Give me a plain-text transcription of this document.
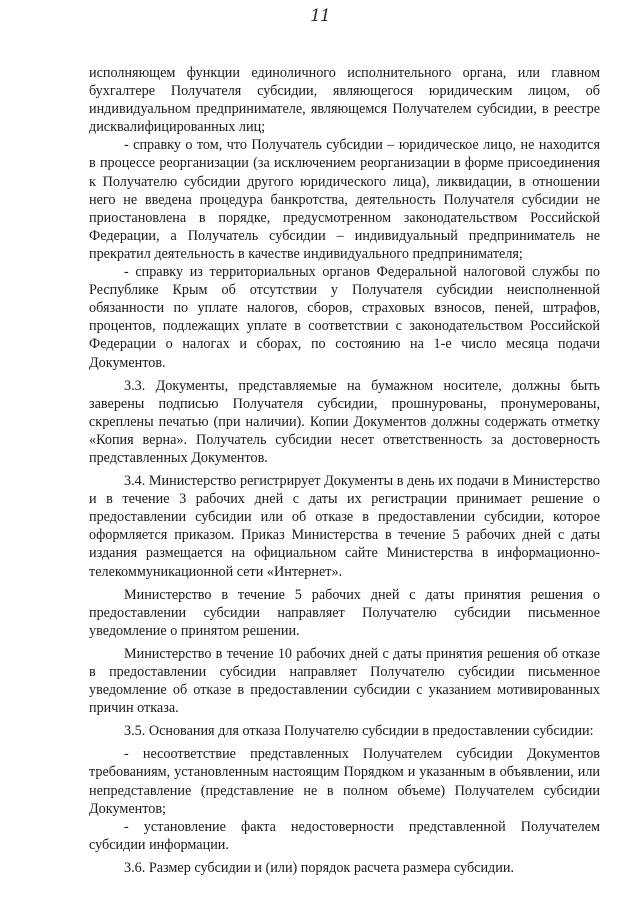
11

исполняющем функции единоличного исполнительного органа, или главном бухгалтере Получателя субсидии, являющегося юридическим лицом, об индивидуальном предпринимателе, являющемся Получателем субсидии, в реестре дисквалифицированных лиц;

- справку о том, что Получатель субсидии – юридическое лицо, не находится в процессе реорганизации (за исключением реорганизации в форме присоединения к Получателю субсидии другого юридического лица), ликвидации, в отношении него не введена процедура банкротства, деятельность Получателя субсидии не приостановлена в порядке, предусмотренном законодательством Российской Федерации, а Получатель субсидии – индивидуальный предприниматель не прекратил деятельность в качестве индивидуального предпринимателя;

- справку из территориальных органов Федеральной налоговой службы по Республике Крым об отсутствии у Получателя субсидии неисполненной обязанности по уплате налогов, сборов, страховых взносов, пеней, штрафов, процентов, подлежащих уплате в соответствии с законодательством Российской Федерации о налогах и сборах, по состоянию на 1-е число месяца подачи Документов.

3.3. Документы, представляемые на бумажном носителе, должны быть заверены подписью Получателя субсидии, прошнурованы, пронумерованы, скреплены печатью (при наличии). Копии Документов должны содержать отметку «Копия верна». Получатель субсидии несет ответственность за достоверность представленных Документов.

3.4. Министерство регистрирует Документы в день их подачи в Министерство и в течение 3 рабочих дней с даты их регистрации принимает решение о предоставлении субсидии или об отказе в предоставлении субсидии, которое оформляется приказом. Приказ Министерства в течение 5 рабочих дней с даты издания размещается на официальном сайте Министерства в информационно-телекоммуникационной сети «Интернет».

Министерство в течение 5 рабочих дней с даты принятия решения о предоставлении субсидии направляет Получателю субсидии письменное уведомление о принятом решении.

Министерство в течение 10 рабочих дней с даты принятия решения об отказе в предоставлении субсидии направляет Получателю субсидии письменное уведомление об отказе в предоставлении субсидии с указанием мотивированных причин отказа.

3.5. Основания для отказа Получателю субсидии в предоставлении субсидии:

- несоответствие представленных Получателем субсидии Документов требованиям, установленным настоящим Порядком и указанным в объявлении, или непредставление (представление не в полном объеме) Получателем субсидии Документов;

- установление факта недостоверности представленной Получателем субсидии информации.

3.6. Размер субсидии и (или) порядок расчета размера субсидии.
